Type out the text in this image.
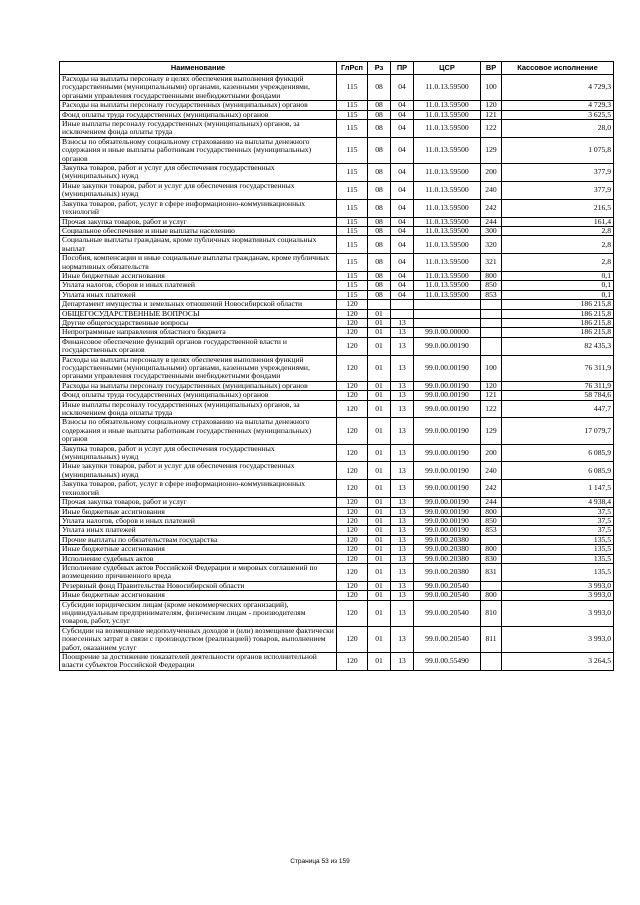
Наименование	ГлРсп	Рз	ПР	ЦСР	ВР	Кассовое исполнение
Расходы на выплаты персоналу в целях обеспечения выполнения функций государственными (муниципальными) органами, казенными учреждениями, органами управления государственными внебюджетными фондами	115	08	04	11.0.13.59500	100	4 729,3
Расходы на выплаты персоналу государственных (муниципальных) органов	115	08	04	11.0.13.59500	120	4 729,3
Фонд оплаты труда государственных (муниципальных) органов	115	08	04	11.0.13.59500	121	3 625,5
Иные выплаты персоналу государственных (муниципальных) органов, за исключением фонда оплаты труда	115	08	04	11.0.13.59500	122	28,0
Взносы по обязательному социальному страхованию на выплаты денежного содержания и иные выплаты работникам государственных (муниципальных) органов	115	08	04	11.0.13.59500	129	1 075,8
Закупка товаров, работ и услуг для обеспечения государственных (муниципальных) нужд	115	08	04	11.0.13.59500	200	377,9
Иные закупки товаров, работ и услуг для обеспечения государственных (муниципальных) нужд	115	08	04	11.0.13.59500	240	377,9
Закупка товаров, работ, услуг в сфере информационно-коммуникационных технологий	115	08	04	11.0.13.59500	242	216,5
Прочая закупка товаров, работ и услуг	115	08	04	11.0.13.59500	244	161,4
Социальное обеспечение и иные выплаты населению	115	08	04	11.0.13.59500	300	2,8
Социальные выплаты гражданам, кроме публичных нормативных социальных выплат	115	08	04	11.0.13.59500	320	2,8
Пособия, компенсации и иные социальные выплаты гражданам, кроме публичных нормативных обязательств	115	08	04	11.0.13.59500	321	2,8
Иные бюджетные ассигнования	115	08	04	11.0.13.59500	800	0,1
Уплата налогов, сборов и иных платежей	115	08	04	11.0.13.59500	850	0,1
Уплата иных платежей	115	08	04	11.0.13.59500	853	0,1
Департамент имущества и земельных отношений Новосибирской области	120					186 215,8
ОБЩЕГОСУДАРСТВЕННЫЕ ВОПРОСЫ	120	01				186 215,8
Другие общегосударственные вопросы	120	01	13			186 215,8
Непрограммные направления областного бюджета	120	01	13	99.0.00.00000		186 215,8
Финансовое обеспечение функций органов государственной власти и государственных органов	120	01	13	99.0.00.00190		82 435,3
Расходы на выплаты персоналу в целях обеспечения выполнения функций государственными (муниципальными) органами, казенными учреждениями, органами управления государственными внебюджетными фондами	120	01	13	99.0.00.00190	100	76 311,9
Расходы на выплаты персоналу государственных (муниципальных) органов	120	01	13	99.0.00.00190	120	76 311,9
Фонд оплаты труда государственных (муниципальных) органов	120	01	13	99.0.00.00190	121	58 784,6
Иные выплаты персоналу государственных (муниципальных) органов, за исключением фонда оплаты труда	120	01	13	99.0.00.00190	122	447,7
Взносы по обязательному социальному страхованию на выплаты денежного содержания и иные выплаты работникам государственных (муниципальных) органов	120	01	13	99.0.00.00190	129	17 079,7
Закупка товаров, работ и услуг для обеспечения государственных (муниципальных) нужд	120	01	13	99.0.00.00190	200	6 085,9
Иные закупки товаров, работ и услуг для обеспечения государственных (муниципальных) нужд	120	01	13	99.0.00.00190	240	6 085,9
Закупка товаров, работ, услуг в сфере информационно-коммуникационных технологий	120	01	13	99.0.00.00190	242	1 147,5
Прочая закупка товаров, работ и услуг	120	01	13	99.0.00.00190	244	4 938,4
Иные бюджетные ассигнования	120	01	13	99.0.00.00190	800	37,5
Уплата налогов, сборов и иных платежей	120	01	13	99.0.00.00190	850	37,5
Уплата иных платежей	120	01	13	99.0.00.00190	853	37,5
Прочие выплаты по обязательствам государства	120	01	13	99.0.00.20380		135,5
Иные бюджетные ассигнования	120	01	13	99.0.00.20380	800	135,5
Исполнение судебных актов	120	01	13	99.0.00.20380	830	135,5
Исполнение судебных актов Российской Федерации и мировых соглашений по возмещению причиненного вреда	120	01	13	99.0.00.20380	831	135,5
Резервный фонд Правительства Новосибирской области	120	01	13	99.0.00.20540		3 993,0
Иные бюджетные ассигнования	120	01	13	99.0.00.20540	800	3 993,0
Субсидии юридическим лицам (кроме некоммерческих организаций), индивидуальным предпринимателям, физическим лицам - производителям товаров, работ, услуг	120	01	13	99.0.00.20540	810	3 993,0
Субсидии на возмещение недополученных доходов и (или) возмещение фактически понесенных затрат в связи с производством (реализацией) товаров, выполнением работ, оказанием услуг	120	01	13	99.0.00.20540	811	3 993,0
Поощрение за достижение показателей деятельности органов исполнительной власти субъектов Российской Федерации	120	01	13	99.0.00.55490		3 264,5
Страница 53 из 159
